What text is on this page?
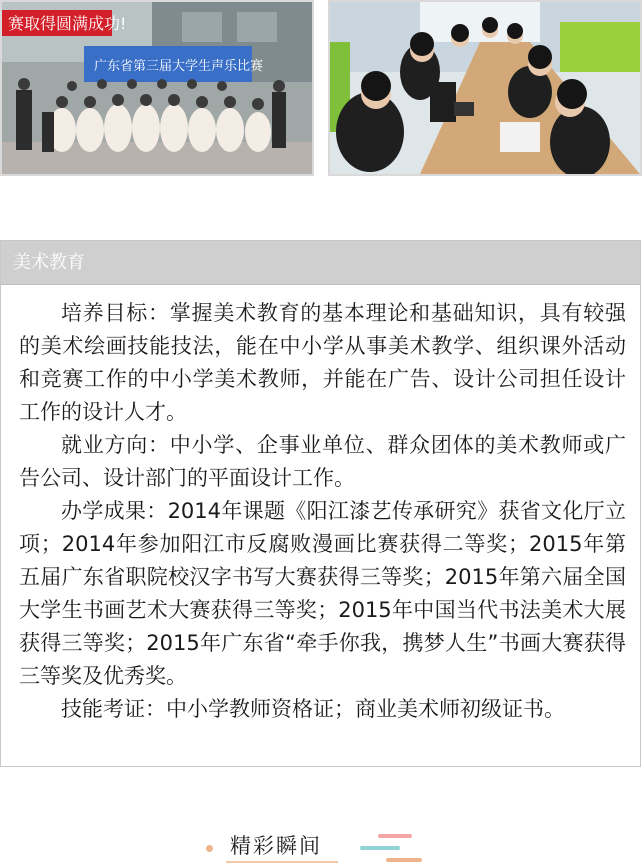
赛取得圆满成功!
广东省第三届大学生声乐比赛
美术教育

培养目标：掌握美术教育的基本理论和基础知识，具有较强的美术绘画技能技法，能在中小学从事美术教学、组织课外活动和竞赛工作的中小学美术教师，并能在广告、设计公司担任设计工作的设计人才。

就业方向：中小学、企事业单位、群众团体的美术教师或广告公司、设计部门的平面设计工作。

办学成果：2014年课题《阳江漆艺传承研究》获省文化厅立项；2014年参加阳江市反腐败漫画比赛获得二等奖；2015年第五届广东省职院校汉字书写大赛获得三等奖；2015年第六届全国大学生书画艺术大赛获得三等奖；2015年中国当代书法美术大展获得三等奖；2015年广东省“牵手你我，携梦人生”书画大赛获得三等奖及优秀奖。

技能考证：中小学教师资格证；商业美术师初级证书。

精彩瞬间
